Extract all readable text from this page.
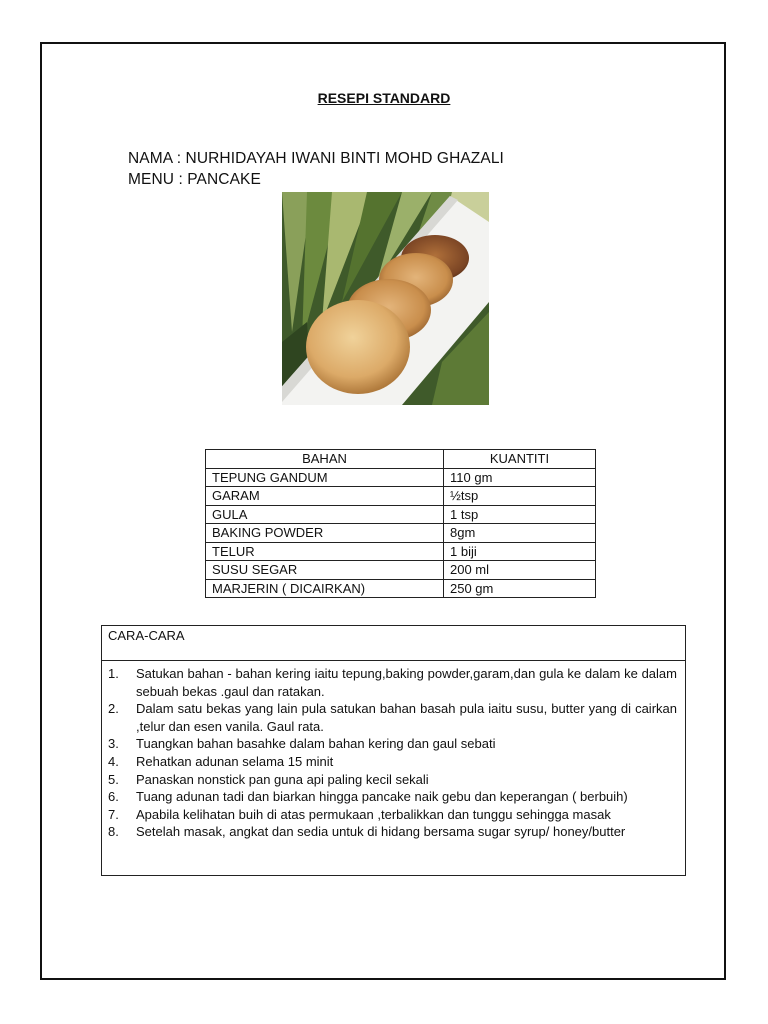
RESEPI STANDARD
NAMA : NURHIDAYAH IWANI BINTI MOHD GHAZALI
MENU : PANCAKE
BAHAN	KUANTITI
TEPUNG GANDUM	110 gm
GARAM	½tsp
GULA	1 tsp
BAKING POWDER	8gm
TELUR	1 biji
SUSU SEGAR	200 ml
MARJERIN ( DICAIRKAN)	250 gm
CARA-CARA
1. Satukan bahan - bahan kering iaitu tepung,baking powder,garam,dan gula ke dalam ke dalam sebuah bekas .gaul dan ratakan.
2. Dalam satu bekas yang lain pula satukan bahan basah pula iaitu susu, butter yang di cairkan ,telur dan esen vanila. Gaul rata.
3. Tuangkan bahan basahke dalam bahan kering dan gaul sebati
4. Rehatkan adunan selama 15 minit
5. Panaskan nonstick pan guna api paling kecil sekali
6. Tuang adunan tadi dan biarkan hingga pancake naik gebu dan keperangan ( berbuih)
7. Apabila kelihatan buih di atas permukaan ,terbalikkan dan tunggu sehingga masak
8. Setelah masak, angkat dan sedia untuk di hidang bersama sugar syrup/ honey/butter
